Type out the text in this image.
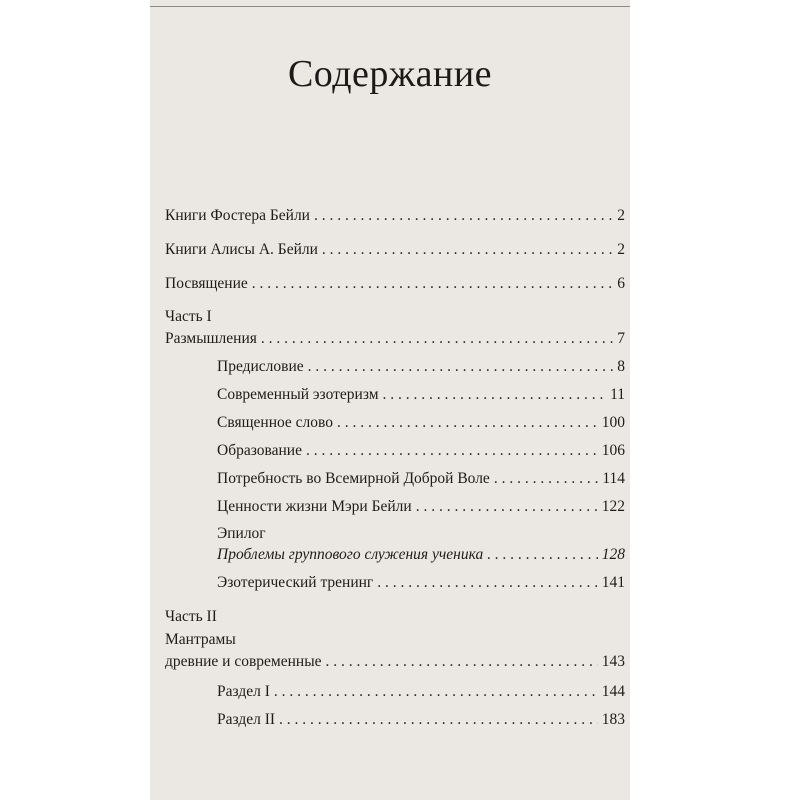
Содержание
Книги Фостера Бейли . . .	2
Книги Алисы А. Бейли . . .	2
Посвящение . . .	6
Часть I
Размышления . . .	7
Предисловие . . .	8
Современный эзотеризм . . .	11
Священное слово . . .	100
Образование . . .	106
Потребность во Всемирной Доброй Воле . . .	114
Ценности жизни Мэри Бейли . . .	122
Эпилог
Проблемы группового служения ученика . . .	128
Эзотерический тренинг . . .	141
Часть II
Мантрамы
древние и современные . . .	143
Раздел I . . .	144
Раздел II . . .	183
